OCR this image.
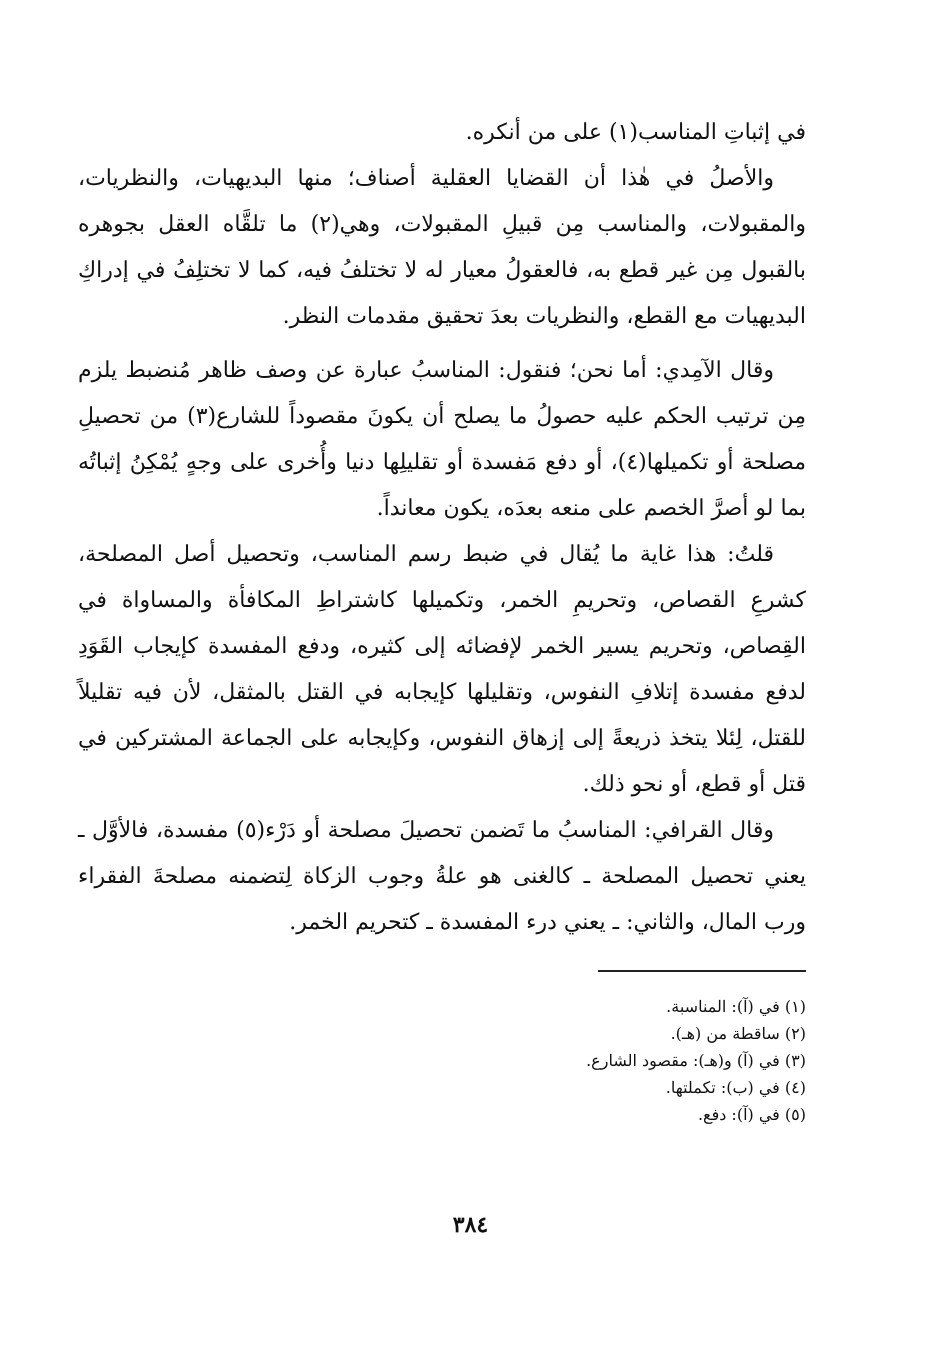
في إثباتِ المناسب(١) على من أنكره.

والأصلُ في هٰذا أن القضايا العقلية أصناف؛ منها البديهيات، والنظريات، والمقبولات، والمناسب مِن قبيلِ المقبولات، وهي(٢) ما تلقَّاه العقل بجوهره بالقبول مِن غير قطع به، فالعقولُ معيار له لا تختلفُ فيه، كما لا تختلِفُ في إدراكِ البديهيات مع القطع، والنظريات بعدَ تحقيق مقدمات النظر.

وقال الآمِدي: أما نحن؛ فنقول: المناسبُ عبارة عن وصف ظاهر مُنضبط يلزم مِن ترتيب الحكم عليه حصولُ ما يصلح أن يكونَ مقصوداً للشارع(٣) من تحصيلِ مصلحة أو تكميلها(٤)، أو دفع مَفسدة أو تقليلِها دنيا وأُخرى على وجهٍ يُمْكِنُ إثباتُه بما لو أصرَّ الخصم على منعه بعدَه، يكون معانداً.

قلتُ: هذا غاية ما يُقال في ضبط رسم المناسب، وتحصيل أصل المصلحة، كشرعِ القصاص، وتحريمِ الخمر، وتكميلها كاشتراطِ المكافأة والمساواة في القِصاص، وتحريم يسير الخمر لإفضائه إلى كثيره، ودفع المفسدة كإيجاب القَوَدِ لدفع مفسدة إتلافِ النفوس، وتقليلها كإيجابه في القتل بالمثقل، لأن فيه تقليلاً للقتل، لِئلا يتخذ ذريعةً إلى إزهاق النفوس، وكإيجابه على الجماعة المشتركين في قتل أو قطع، أو نحو ذلك.

وقال القرافي: المناسبُ ما تَضمن تحصيلَ مصلحة أو دَرْء(٥) مفسدة، فالأوَّل ـ يعني تحصيل المصلحة ـ كالغنى هو علةُ وجوب الزكاة لِتضمنه مصلحةَ الفقراء ورب المال، والثاني: ـ يعني درء المفسدة ـ كتحريم الخمر.

(١) في (آ): المناسبة.

(٢) ساقطة من (هـ).

(٣) في (آ) و(هـ): مقصود الشارع.

(٤) في (ب): تكملتها.

(٥) في (آ): دفع.

٣٨٤
